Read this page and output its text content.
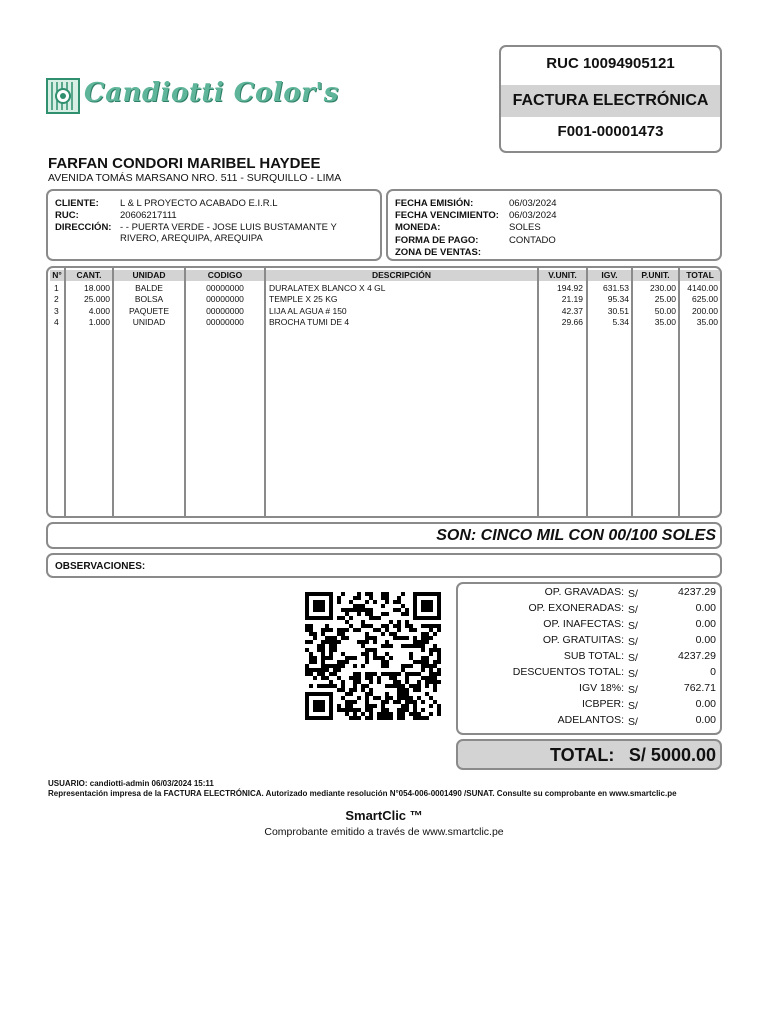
Candiotti Color's
RUC 10094905121
FACTURA ELECTRÓNICA
F001-00001473
FARFAN CONDORI MARIBEL HAYDEE
AVENIDA TOMÁS MARSANO NRO. 511 - SURQUILLO - LIMA
CLIENTE: L & L PROYECTO ACABADO E.I.R.L
RUC:	20606217111
DIRECCIÓN: - - PUERTA VERDE - JOSE LUIS BUSTAMANTE Y
RIVERO, AREQUIPA, AREQUIPA
FECHA EMISIÓN:	06/03/2024
FECHA VENCIMIENTO: 06/03/2024
MONEDA:	SOLES
FORMA DE PAGO:	CONTADO
ZONA DE VENTAS:
N°	CANT.	UNIDAD	CODIGO	DESCRIPCIÓN	V.UNIT.	IGV.	P.UNIT.	TOTAL
1	18.000	BALDE	00000000	DURALATEX BLANCO X 4 GL	194.92	631.53	230.00	4140.00
2	25.000	BOLSA	00000000	TEMPLE X 25 KG	21.19	95.34	25.00	625.00
3	4.000	PAQUETE	00000000	LIJA AL AGUA # 150	42.37	30.51	50.00	200.00
4	1.000	UNIDAD	00000000	BROCHA TUMI DE 4	29.66	5.34	35.00	35.00
SON: CINCO MIL CON 00/100 SOLES
OBSERVACIONES:
OP. GRAVADAS: S/	4237.29
OP. EXONERADAS: S/	0.00
OP. INAFECTAS: S/	0.00
OP. GRATUITAS: S/	0.00
SUB TOTAL: S/	4237.29
DESCUENTOS TOTAL: S/	0
IGV 18%: S/	762.71
ICBPER: S/	0.00
ADELANTOS: S/	0.00
TOTAL: S/ 5000.00
USUARIO: candiotti-admin 06/03/2024 15:11
Representación impresa de la FACTURA ELECTRÓNICA. Autorizado mediante resolución N°054-006-0001490 /SUNAT. Consulte su comprobante en www.smartclic.pe
SmartClic ™
Comprobante emitido a través de www.smartclic.pe
